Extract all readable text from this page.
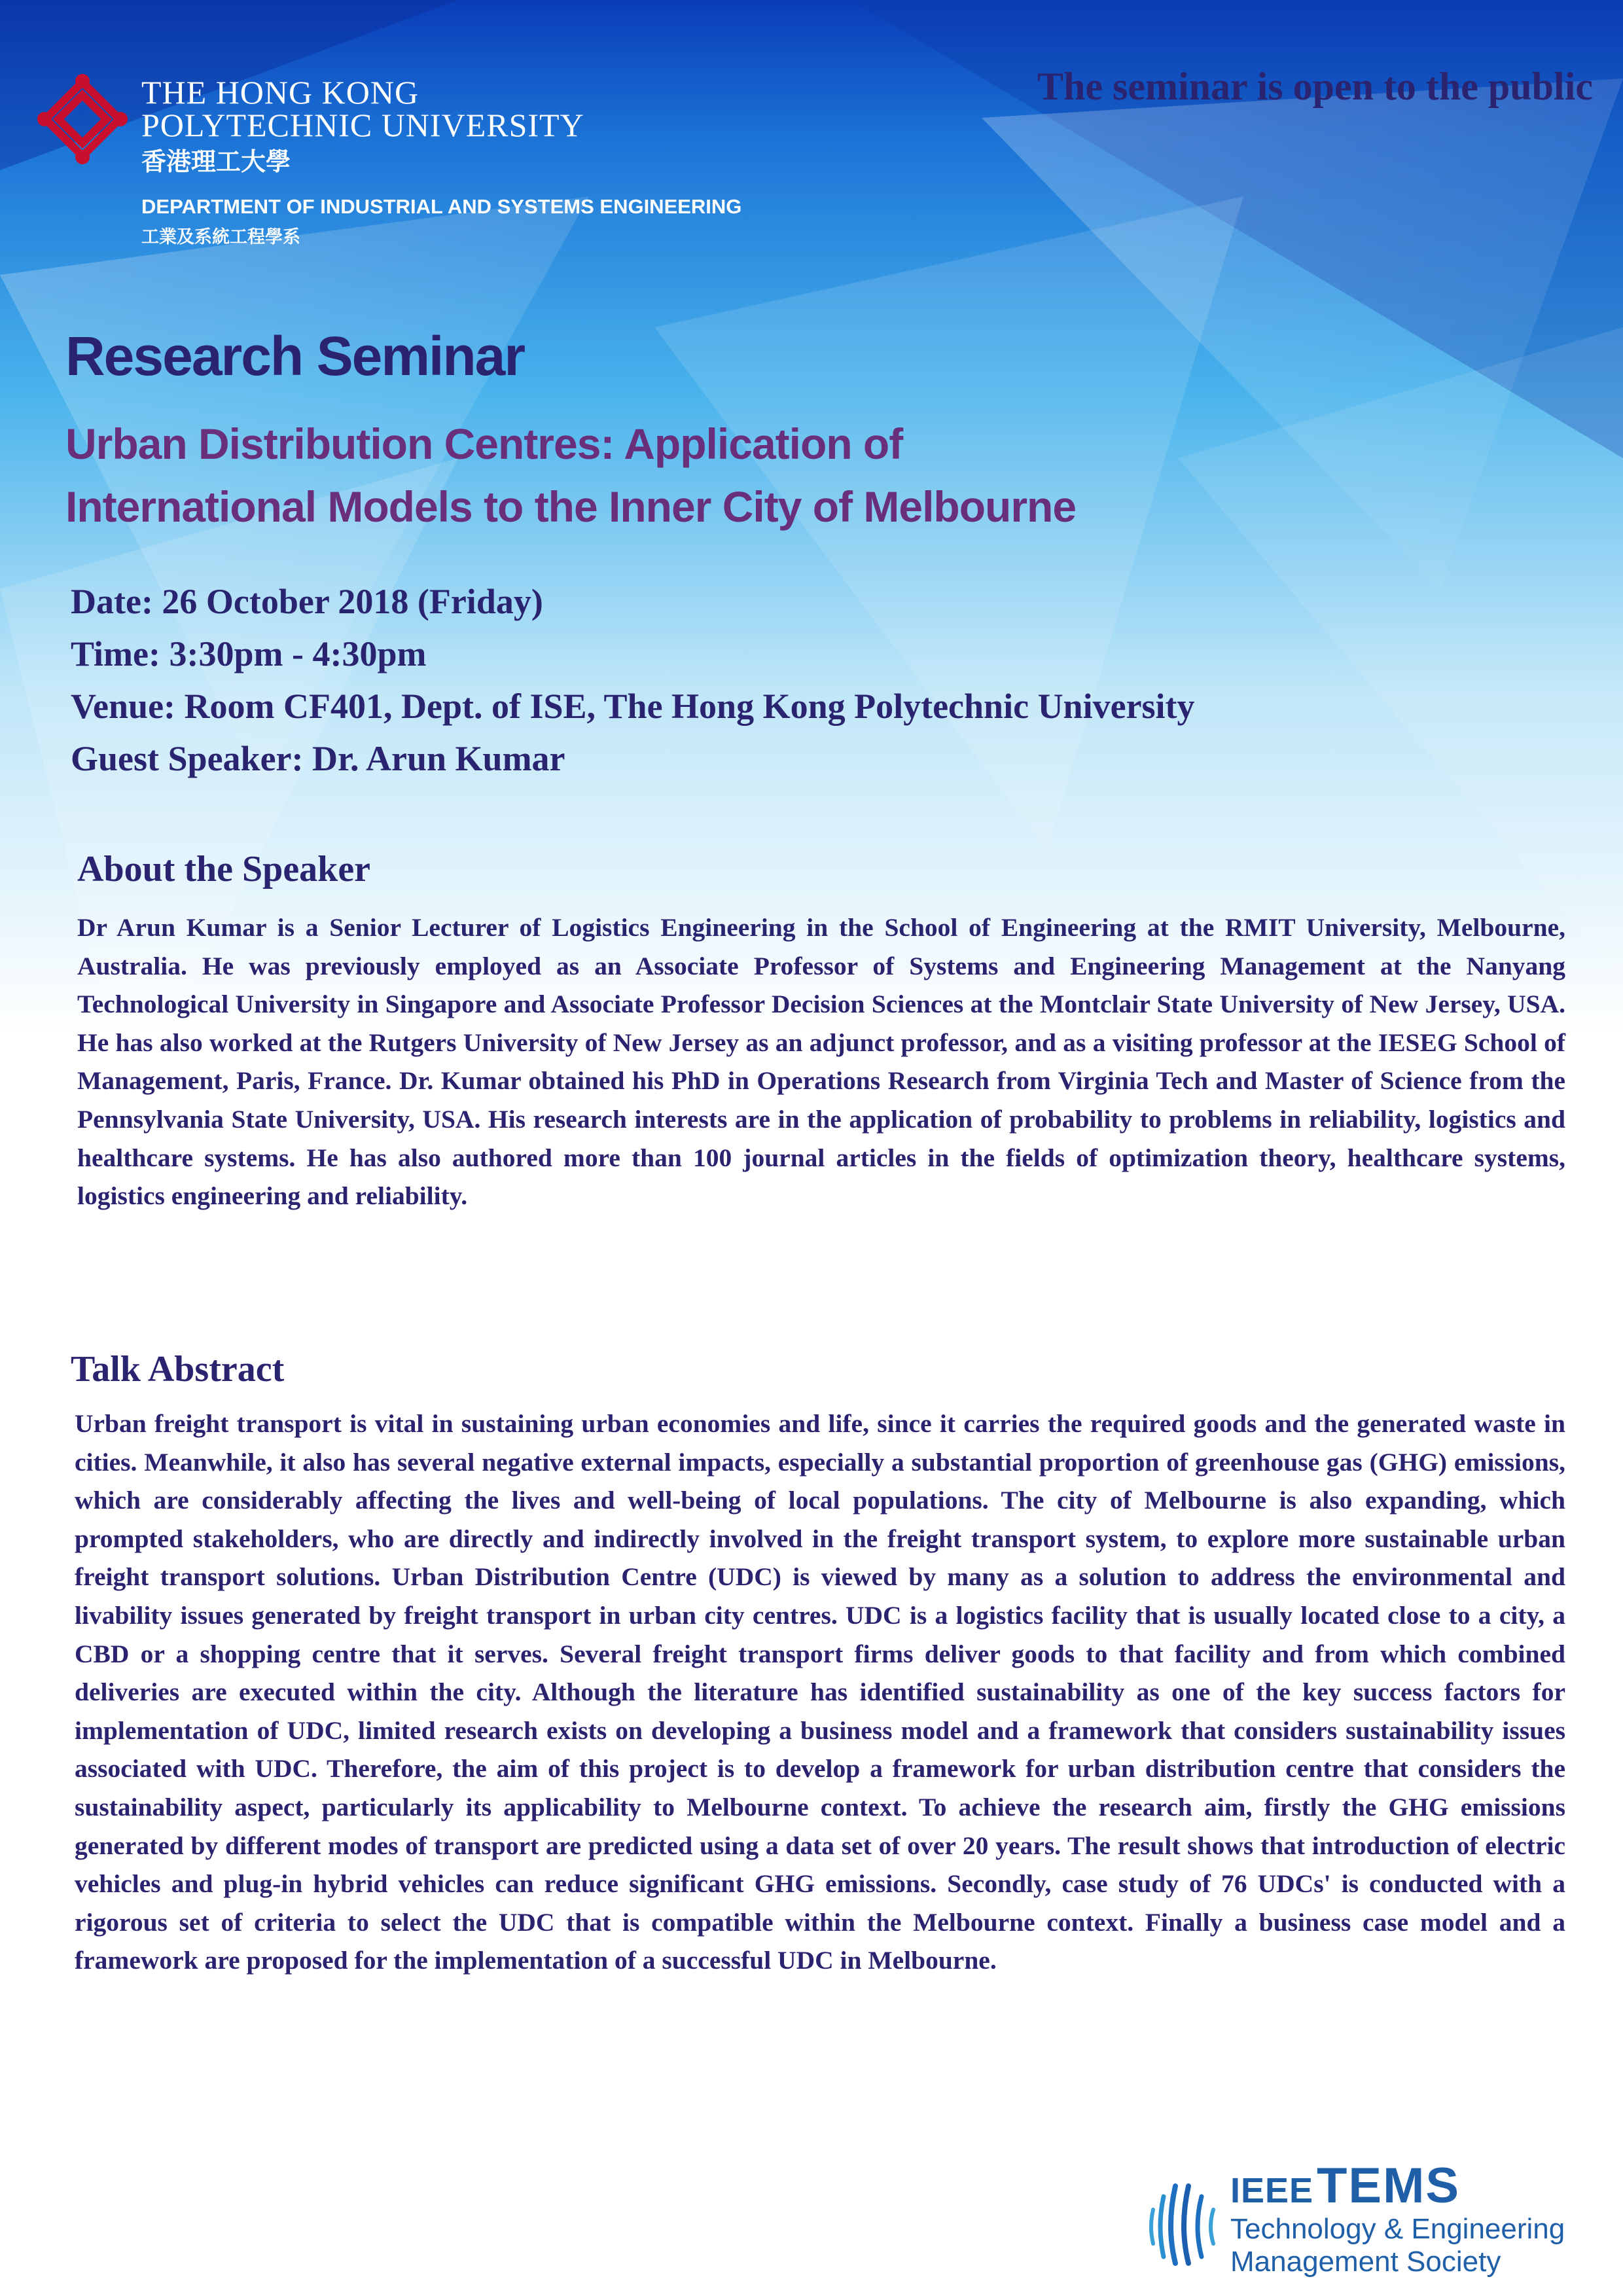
THE HONG KONG
POLYTECHNIC UNIVERSITY
香港理工大學
DEPARTMENT OF INDUSTRIAL AND SYSTEMS ENGINEERING
工業及系統工程學系
The seminar is open to the public
Research Seminar
Urban Distribution Centres: Application of
International Models to the Inner City of Melbourne
Date: 26 October 2018 (Friday)
Time: 3:30pm - 4:30pm
Venue: Room CF401, Dept. of ISE, The Hong Kong Polytechnic University
Guest Speaker: Dr. Arun Kumar
About the Speaker
Dr Arun Kumar is a Senior Lecturer of Logistics Engineering in the School of Engineering at the RMIT University, Melbourne, Australia. He was previously employed as an Associate Professor of Systems and Engineering Management at the Nanyang Technological University in Singapore and Associate Professor Decision Sciences at the Montclair State University of New Jersey, USA. He has also worked at the Rutgers University of New Jersey as an adjunct professor, and as a visiting professor at the IESEG School of Management, Paris, France. Dr. Kumar obtained his PhD in Operations Research from Virginia Tech and Master of Science from the Pennsylvania State University, USA. His research interests are in the application of probability to problems in reliability, logistics and healthcare systems. He has also authored more than 100 journal articles in the fields of optimization theory, healthcare systems, logistics engineering and reliability.
Talk Abstract
Urban freight transport is vital in sustaining urban economies and life, since it carries the required goods and the generated waste in cities. Meanwhile, it also has several negative external impacts, especially a substantial proportion of greenhouse gas (GHG) emissions, which are considerably affecting the lives and well-being of local populations. The city of Melbourne is also expanding, which prompted stakeholders, who are directly and indirectly involved in the freight transport system, to explore more sustainable urban freight transport solutions. Urban Distribution Centre (UDC) is viewed by many as a solution to address the environmental and livability issues generated by freight transport in urban city centres. UDC is a logistics facility that is usually located close to a city, a CBD or a shopping centre that it serves. Several freight transport firms deliver goods to that facility and from which combined deliveries are executed within the city. Although the literature has identified sustainability as one of the key success factors for implementation of UDC, limited research exists on developing a business model and a framework that considers sustainability issues associated with UDC. Therefore, the aim of this project is to develop a framework for urban distribution centre that considers the sustainability aspect, particularly its applicability to Melbourne context. To achieve the research aim, firstly the GHG emissions generated by different modes of transport are predicted using a data set of over 20 years. The result shows that introduction of electric vehicles and plug-in hybrid vehicles can reduce significant GHG emissions. Secondly, case study of 76 UDCs' is conducted with a rigorous set of criteria to select the UDC that is compatible within the Melbourne context. Finally a business case model and a framework are proposed for the implementation of a successful UDC in Melbourne.
IEEE TEMS
Technology & Engineering
Management Society
